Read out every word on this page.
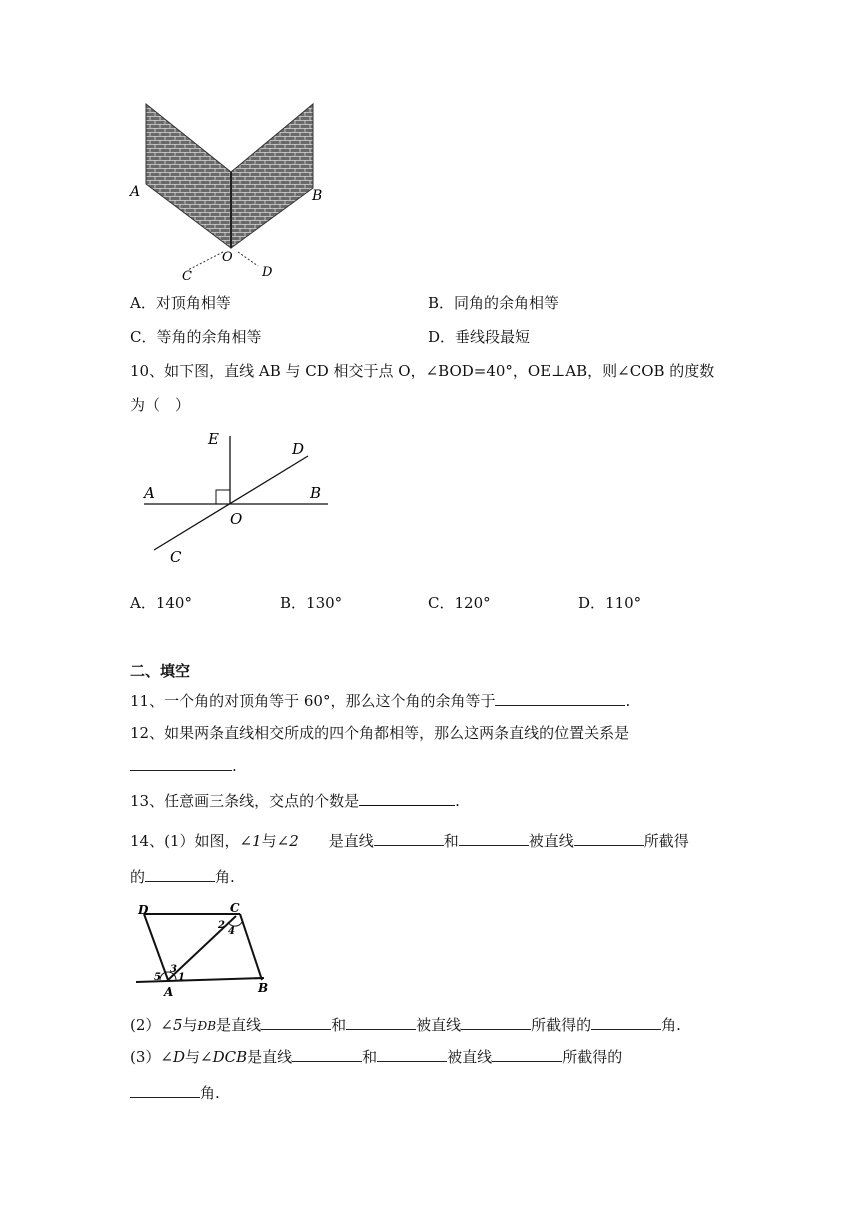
A	B
O
C	D
A．对顶角相等	B．同角的余角相等
C．等角的余角相等	D．垂线段最短
10、如下图，直线 AB 与 CD 相交于点 O，∠BOD=40°，OE⊥AB，则∠COB 的度数
为（　）
E
D
A	B
O
C
A．140°	B．130°	C．120°	D．110°
二、填空
11、一个角的对顶角等于 60°，那么这个角的余角等于	.
12、如果两条直线相交所成的四个角都相等，那么这两条直线的位置关系是
.
13、任意画三条线，交点的个数是	.
14、(1）如图，∠1与∠2 是直线	和	被直线	所截得
的	角.
D	C
A	B
2
4
3
5 1
(2）∠5与ÐB是直线	和	被直线	所截得的	角.
(3）∠D与∠DCB是直线	和	被直线	所截得的
角.
